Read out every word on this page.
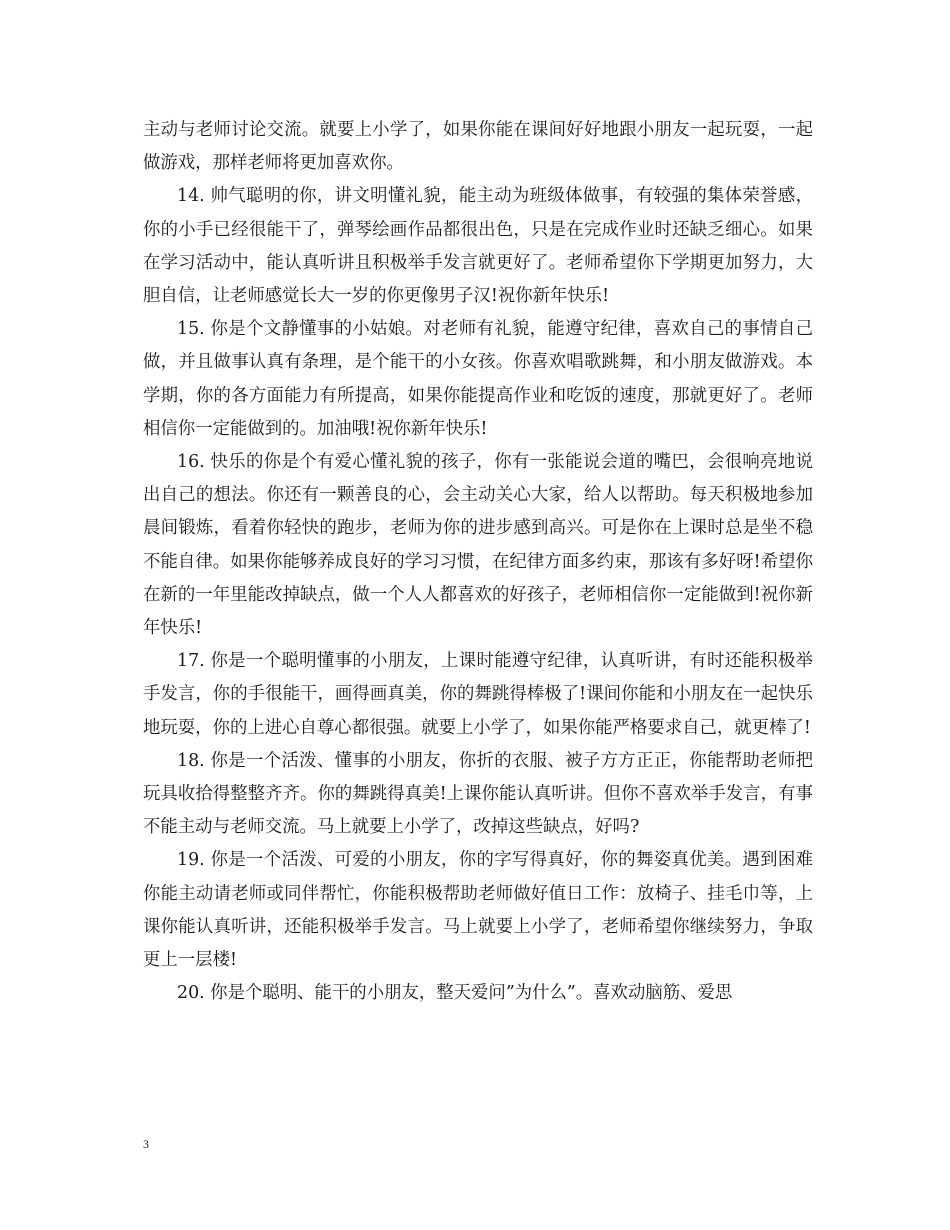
主动与老师讨论交流。就要上小学了，如果你能在课间好好地跟小朋友一起玩耍，一起做游戏，那样老师将更加喜欢你。

14. 帅气聪明的你，讲文明懂礼貌，能主动为班级体做事，有较强的集体荣誉感，你的小手已经很能干了，弹琴绘画作品都很出色，只是在完成作业时还缺乏细心。如果在学习活动中，能认真听讲且积极举手发言就更好了。老师希望你下学期更加努力，大胆自信，让老师感觉长大一岁的你更像男子汉!祝你新年快乐!

15. 你是个文静懂事的小姑娘。对老师有礼貌，能遵守纪律，喜欢自己的事情自己做，并且做事认真有条理，是个能干的小女孩。你喜欢唱歌跳舞，和小朋友做游戏。本学期，你的各方面能力有所提高，如果你能提高作业和吃饭的速度，那就更好了。老师相信你一定能做到的。加油哦!祝你新年快乐!

16. 快乐的你是个有爱心懂礼貌的孩子，你有一张能说会道的嘴巴，会很响亮地说出自己的想法。你还有一颗善良的心，会主动关心大家，给人以帮助。每天积极地参加晨间锻炼，看着你轻快的跑步，老师为你的进步感到高兴。可是你在上课时总是坐不稳不能自律。如果你能够养成良好的学习习惯，在纪律方面多约束，那该有多好呀!希望你在新的一年里能改掉缺点，做一个人人都喜欢的好孩子，老师相信你一定能做到!祝你新年快乐!

17. 你是一个聪明懂事的小朋友，上课时能遵守纪律，认真听讲，有时还能积极举手发言，你的手很能干，画得画真美，你的舞跳得棒极了!课间你能和小朋友在一起快乐地玩耍，你的上进心自尊心都很强。就要上小学了，如果你能严格要求自己，就更棒了!

18. 你是一个活泼、懂事的小朋友，你折的衣服、被子方方正正，你能帮助老师把玩具收拾得整整齐齐。你的舞跳得真美!上课你能认真听讲。但你不喜欢举手发言，有事不能主动与老师交流。马上就要上小学了，改掉这些缺点，好吗?

19. 你是一个活泼、可爱的小朋友，你的字写得真好，你的舞姿真优美。遇到困难你能主动请老师或同伴帮忙，你能积极帮助老师做好值日工作：放椅子、挂毛巾等，上课你能认真听讲，还能积极举手发言。马上就要上小学了，老师希望你继续努力，争取更上一层楼!

20. 你是个聪明、能干的小朋友，整天爱问”为什么”。喜欢动脑筋、爱思

3
